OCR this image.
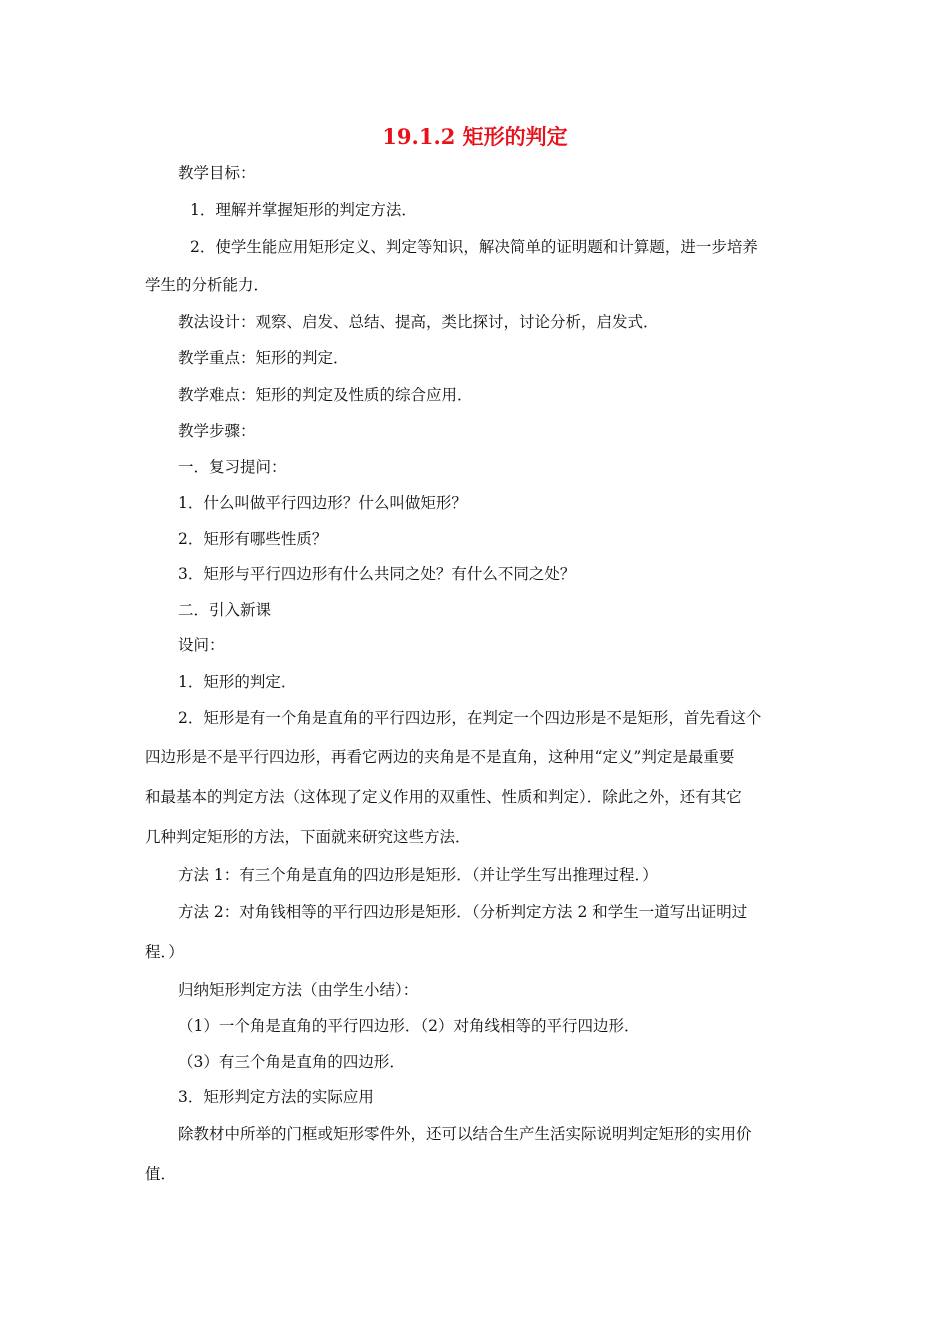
19.1.2 矩形的判定
教学目标：
1．理解并掌握矩形的判定方法．
2．使学生能应用矩形定义、判定等知识，解决简单的证明题和计算题，进一步培养
学生的分析能力．
教法设计：观察、启发、总结、提高，类比探讨，讨论分析，启发式．
教学重点：矩形的判定．
教学难点：矩形的判定及性质的综合应用．
教学步骤：
一．复习提问：
1．什么叫做平行四边形？什么叫做矩形？
2．矩形有哪些性质？
3．矩形与平行四边形有什么共同之处？有什么不同之处？
二．引入新课
设问：
1．矩形的判定．
2．矩形是有一个角是直角的平行四边形，在判定一个四边形是不是矩形，首先看这个
四边形是不是平行四边形，再看它两边的夹角是不是直角，这种用“定义”判定是最重要
和最基本的判定方法（这体现了定义作用的双重性、性质和判定）．除此之外，还有其它
几种判定矩形的方法，下面就来研究这些方法．
方法 1：有三个角是直角的四边形是矩形．（并让学生写出推理过程．）
方法 2：对角钱相等的平行四边形是矩形．（分析判定方法 2 和学生一道写出证明过
程．）
归纳矩形判定方法（由学生小结）：
（1）一个角是直角的平行四边形．（2）对角线相等的平行四边形．
（3）有三个角是直角的四边形．
3．矩形判定方法的实际应用
除教材中所举的门框或矩形零件外，还可以结合生产生活实际说明判定矩形的实用价
值．
